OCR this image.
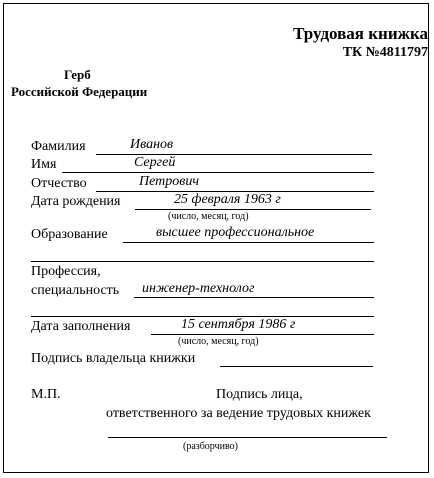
Трудовая книжка
ТК №4811797
Герб
Российской Федерации
Фамилия	Иванов
Имя	Сергей
Отчество	Петрович
Дата рождения	25 февраля 1963 г
(число, месяц, год)
Образование	высшее профессиональное
Профессия,
специальность инженер-технолог
Дата заполнения	15 сентября 1986 г
(число, месяц, год)
Подпись владельца книжки
М.П.	Подпись лица,
ответственного за ведение трудовых книжек
(разборчиво)
